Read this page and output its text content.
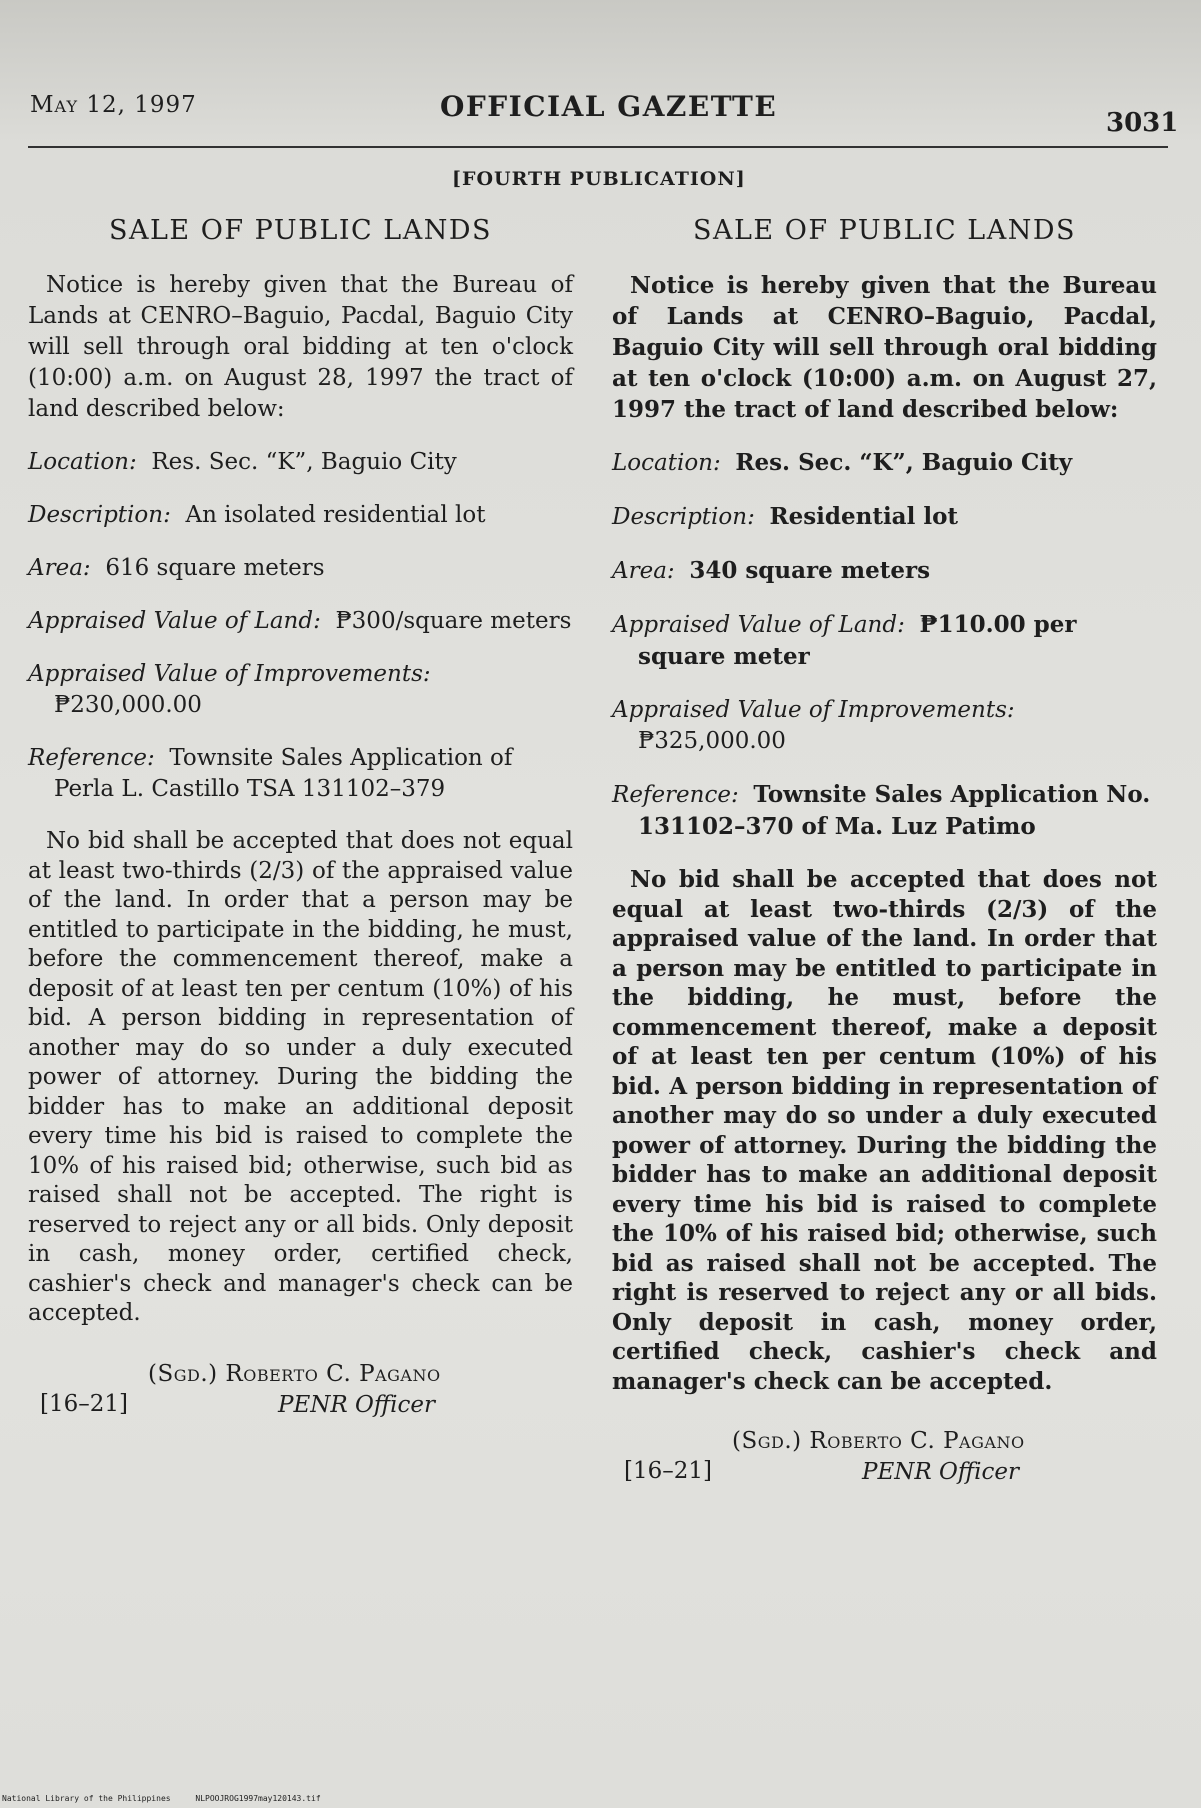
May 12, 1997	OFFICIAL GAZETTE	3031
[FOURTH PUBLICATION]
SALE OF PUBLIC LANDS

Notice is hereby given that the Bureau of Lands at CENRO–Baguio, Pacdal, Baguio City will sell through oral bidding at ten o'clock (10:00) a.m. on August 28, 1997 the tract of land described below:

Location: Res. Sec. “K”, Baguio City

Description: An isolated residential lot

Area: 616 square meters

Appraised Value of Land: ₱300/square meters

Appraised Value of Improvements: ₱230,000.00

Reference: Townsite Sales Application of Perla L. Castillo TSA 131102–379

No bid shall be accepted that does not equal at least two-thirds (2/3) of the appraised value of the land. In order that a person may be entitled to participate in the bidding, he must, before the commencement thereof, make a deposit of at least ten per centum (10%) of his bid. A person bidding in representation of another may do so under a duly executed power of attorney. During the bidding the bidder has to make an additional deposit every time his bid is raised to complete the 10% of his raised bid; otherwise, such bid as raised shall not be accepted. The right is reserved to reject any or all bids. Only deposit in cash, money order, certified check, cashier's check and manager's check can be accepted.

[16–21]
(Sgd.) Roberto C. Pagano
PENR Officer
SALE OF PUBLIC LANDS

Notice is hereby given that the Bureau of Lands at CENRO–Baguio, Pacdal, Baguio City will sell through oral bidding at ten o'clock (10:00) a.m. on August 27, 1997 the tract of land described below:

Location: Res. Sec. “K”, Baguio City

Description: Residential lot

Area: 340 square meters

Appraised Value of Land: ₱110.00 per square meter

Appraised Value of Improvements: ₱325,000.00

Reference: Townsite Sales Application No. 131102–370 of Ma. Luz Patimo

No bid shall be accepted that does not equal at least two-thirds (2/3) of the appraised value of the land. In order that a person may be entitled to participate in the bidding, he must, before the commencement thereof, make a deposit of at least ten per centum (10%) of his bid. A person bidding in representation of another may do so under a duly executed power of attorney. During the bidding the bidder has to make an additional deposit every time his bid is raised to complete the 10% of his raised bid; otherwise, such bid as raised shall not be accepted. The right is reserved to reject any or all bids. Only deposit in cash, money order, certified check, cashier's check and manager's check can be accepted.

[16–21]
(Sgd.) Roberto C. Pagano
PENR Officer
National Library of the Philippines	NLPOOJROG1997may120143.tif
